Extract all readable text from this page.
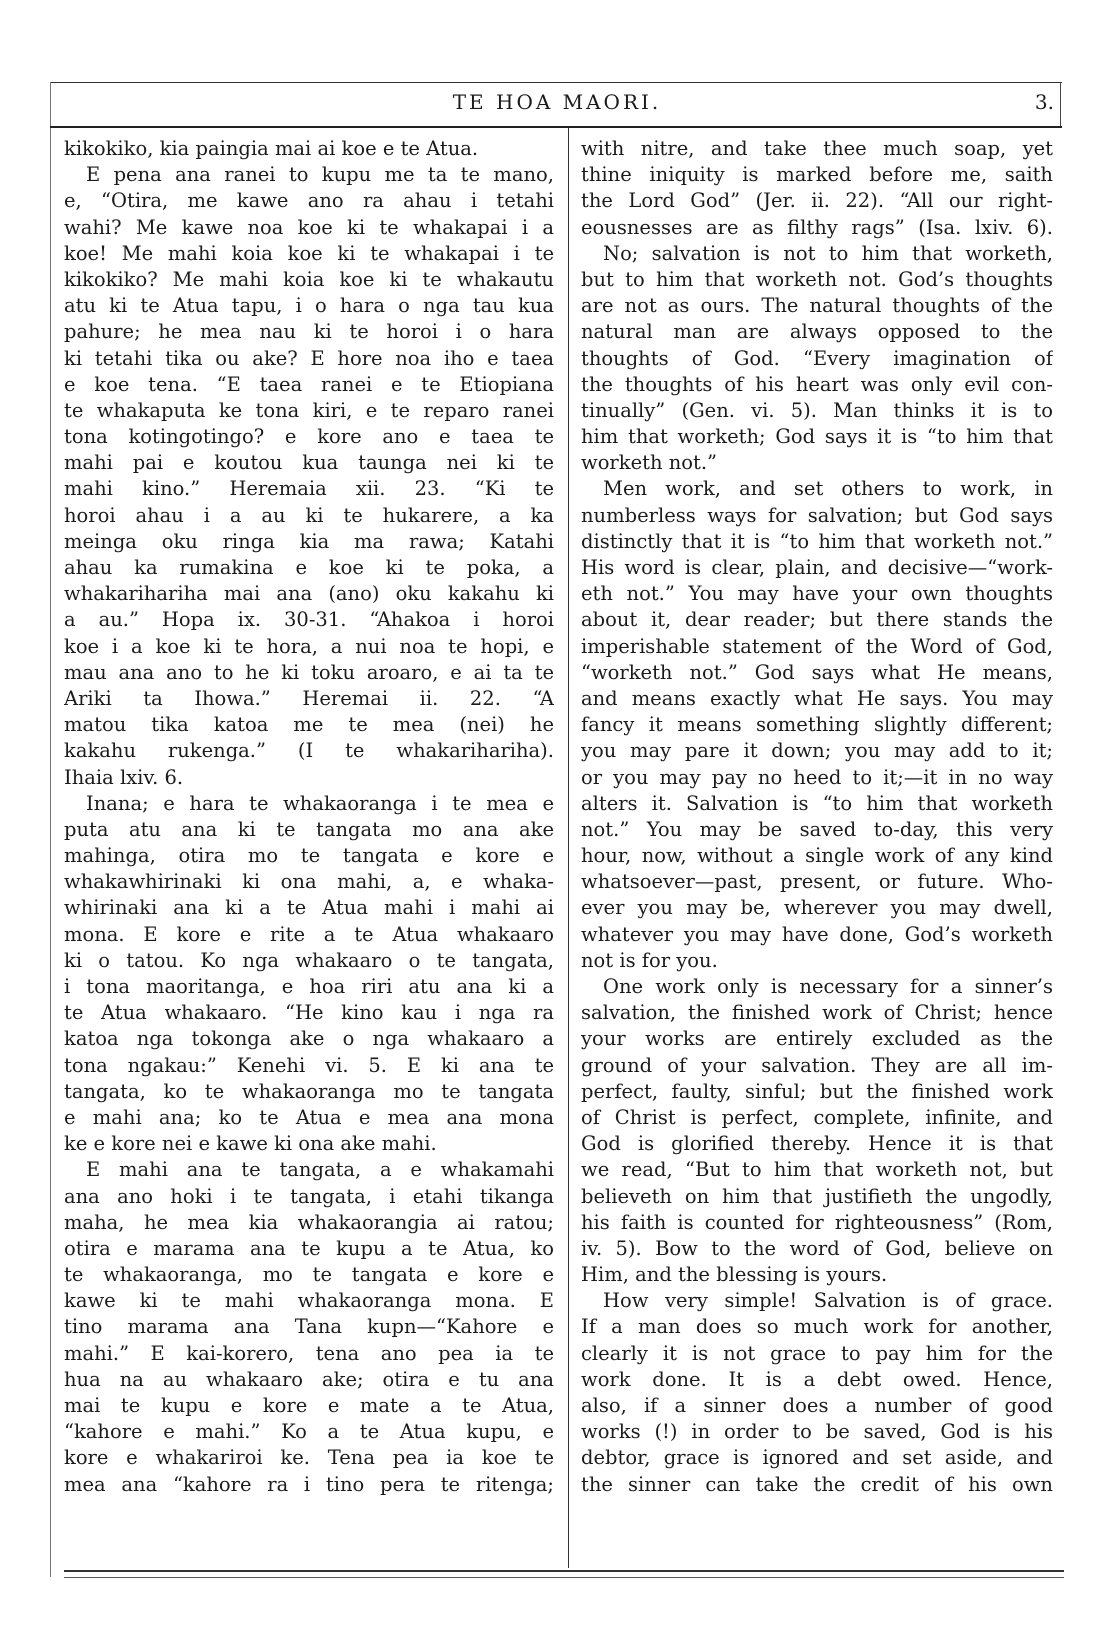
TE HOA MAORI.	3.
kikokiko, kia paingia mai ai koe e te Atua.
E pena ana ranei to kupu me ta te mano,
e, “Otira, me kawe ano ra ahau i tetahi
wahi? Me kawe noa koe ki te whakapai i a
koe! Me mahi koia koe ki te whakapai i te
kikokiko? Me mahi koia koe ki te whakautu
atu ki te Atua tapu, i o hara o nga tau kua
pahure; he mea nau ki te horoi i o hara
ki tetahi tika ou ake? E hore noa iho e taea
e koe tena. “E taea ranei e te Etiopiana
te whakaputa ke tona kiri, e te reparo ranei
tona kotingotingo? e kore ano e taea te
mahi pai e koutou kua taunga nei ki te
mahi kino.” Heremaia xii. 23. “Ki te
horoi ahau i a au ki te hukarere, a ka
meinga oku ringa kia ma rawa; Katahi
ahau ka rumakina e koe ki te poka, a
whakarihariha mai ana (ano) oku kakahu ki
a au.” Hopa ix. 30-31. “Ahakoa i horoi
koe i a koe ki te hora, a nui noa te hopi, e
mau ana ano to he ki toku aroaro, e ai ta te
Ariki ta Ihowa.” Heremai ii. 22. “A
matou tika katoa me te mea (nei) he
kakahu rukenga.” (I te whakarihariha).
Ihaia lxiv. 6.
Inana; e hara te whakaoranga i te mea e
puta atu ana ki te tangata mo ana ake
mahinga, otira mo te tangata e kore e
whakawhirinaki ki ona mahi, a, e whaka-
whirinaki ana ki a te Atua mahi i mahi ai
mona. E kore e rite a te Atua whakaaro
ki o tatou. Ko nga whakaaro o te tangata,
i tona maoritanga, e hoa riri atu ana ki a
te Atua whakaaro. “He kino kau i nga ra
katoa nga tokonga ake o nga whakaaro a
tona ngakau:” Kenehi vi. 5. E ki ana te
tangata, ko te whakaoranga mo te tangata
e mahi ana; ko te Atua e mea ana mona
ke e kore nei e kawe ki ona ake mahi.
E mahi ana te tangata, a e whakamahi
ana ano hoki i te tangata, i etahi tikanga
maha, he mea kia whakaorangia ai ratou;
otira e marama ana te kupu a te Atua, ko
te whakaoranga, mo te tangata e kore e
kawe ki te mahi whakaoranga mona. E
tino marama ana Tana kupn—“Kahore e
mahi.” E kai-korero, tena ano pea ia te
hua na au whakaaro ake; otira e tu ana
mai te kupu e kore e mate a te Atua,
“kahore e mahi.” Ko a te Atua kupu, e
kore e whakariroi ke. Tena pea ia koe te
mea ana “kahore ra i tino pera te ritenga;
with nitre, and take thee much soap, yet
thine iniquity is marked before me, saith
the Lord God” (Jer. ii. 22). “All our right-
eousnesses are as filthy rags” (Isa. lxiv. 6).
No; salvation is not to him that worketh,
but to him that worketh not. God’s thoughts
are not as ours. The natural thoughts of the
natural man are always opposed to the
thoughts of God. “Every imagination of
the thoughts of his heart was only evil con-
tinually” (Gen. vi. 5). Man thinks it is to
him that worketh; God says it is “to him that
worketh not.”
Men work, and set others to work, in
numberless ways for salvation; but God says
distinctly that it is “to him that worketh not.”
His word is clear, plain, and decisive—“work-
eth not.” You may have your own thoughts
about it, dear reader; but there stands the
imperishable statement of the Word of God,
“worketh not.” God says what He means,
and means exactly what He says. You may
fancy it means something slightly different;
you may pare it down; you may add to it;
or you may pay no heed to it;—it in no way
alters it. Salvation is “to him that worketh
not.” You may be saved to-day, this very
hour, now, without a single work of any kind
whatsoever—past, present, or future. Who-
ever you may be, wherever you may dwell,
whatever you may have done, God’s worketh
not is for you.
One work only is necessary for a sinner’s
salvation, the finished work of Christ; hence
your works are entirely excluded as the
ground of your salvation. They are all im-
perfect, faulty, sinful; but the finished work
of Christ is perfect, complete, infinite, and
God is glorified thereby. Hence it is that
we read, “But to him that worketh not, but
believeth on him that justifieth the ungodly,
his faith is counted for righteousness” (Rom,
iv. 5). Bow to the word of God, believe on
Him, and the blessing is yours.
How very simple! Salvation is of grace.
If a man does so much work for another,
clearly it is not grace to pay him for the
work done. It is a debt owed. Hence,
also, if a sinner does a number of good
works (!) in order to be saved, God is his
debtor, grace is ignored and set aside, and
the sinner can take the credit of his own
